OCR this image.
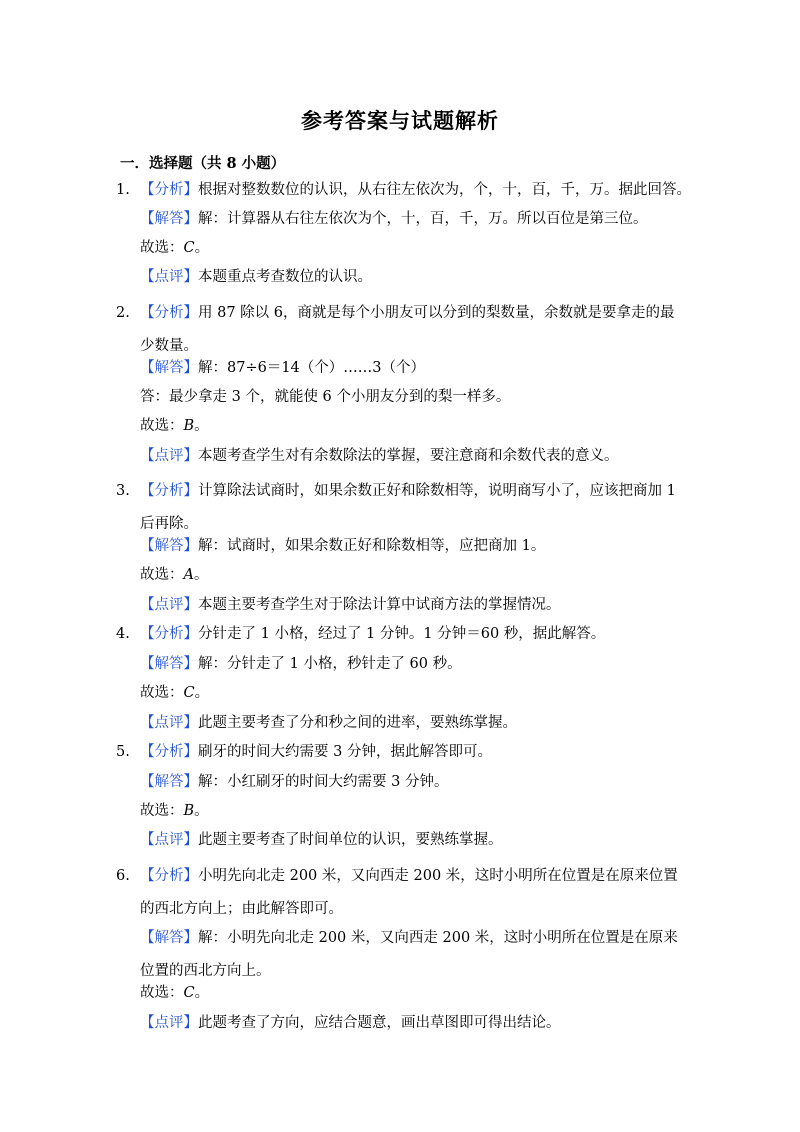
参考答案与试题解析
一．选择题（共 8 小题）
1. 【分析】根据对整数数位的认识，从右往左依次为，个，十，百，千，万。据此回答。
【解答】解：计算器从右往左依次为个，十，百，千，万。所以百位是第三位。
故选：C。
【点评】本题重点考查数位的认识。
2. 【分析】用 87 除以 6，商就是每个小朋友可以分到的梨数量，余数就是要拿走的最少数量。
【解答】解：87÷6＝14（个）……3（个）
答：最少拿走 3 个，就能使 6 个小朋友分到的梨一样多。
故选：B。
【点评】本题考查学生对有余数除法的掌握，要注意商和余数代表的意义。
3. 【分析】计算除法试商时，如果余数正好和除数相等，说明商写小了，应该把商加 1 后再除。
【解答】解：试商时，如果余数正好和除数相等，应把商加 1。
故选：A。
【点评】本题主要考查学生对于除法计算中试商方法的掌握情况。
4. 【分析】分针走了 1 小格，经过了 1 分钟。1 分钟＝60 秒，据此解答。
【解答】解：分针走了 1 小格，秒针走了 60 秒。
故选：C。
【点评】此题主要考查了分和秒之间的进率，要熟练掌握。
5. 【分析】刷牙的时间大约需要 3 分钟，据此解答即可。
【解答】解：小红刷牙的时间大约需要 3 分钟。
故选：B。
【点评】此题主要考查了时间单位的认识，要熟练掌握。
6. 【分析】小明先向北走 200 米，又向西走 200 米，这时小明所在位置是在原来位置的西北方向上；由此解答即可。
【解答】解：小明先向北走 200 米，又向西走 200 米，这时小明所在位置是在原来位置的西北方向上。
故选：C。
【点评】此题考查了方向，应结合题意，画出草图即可得出结论。
